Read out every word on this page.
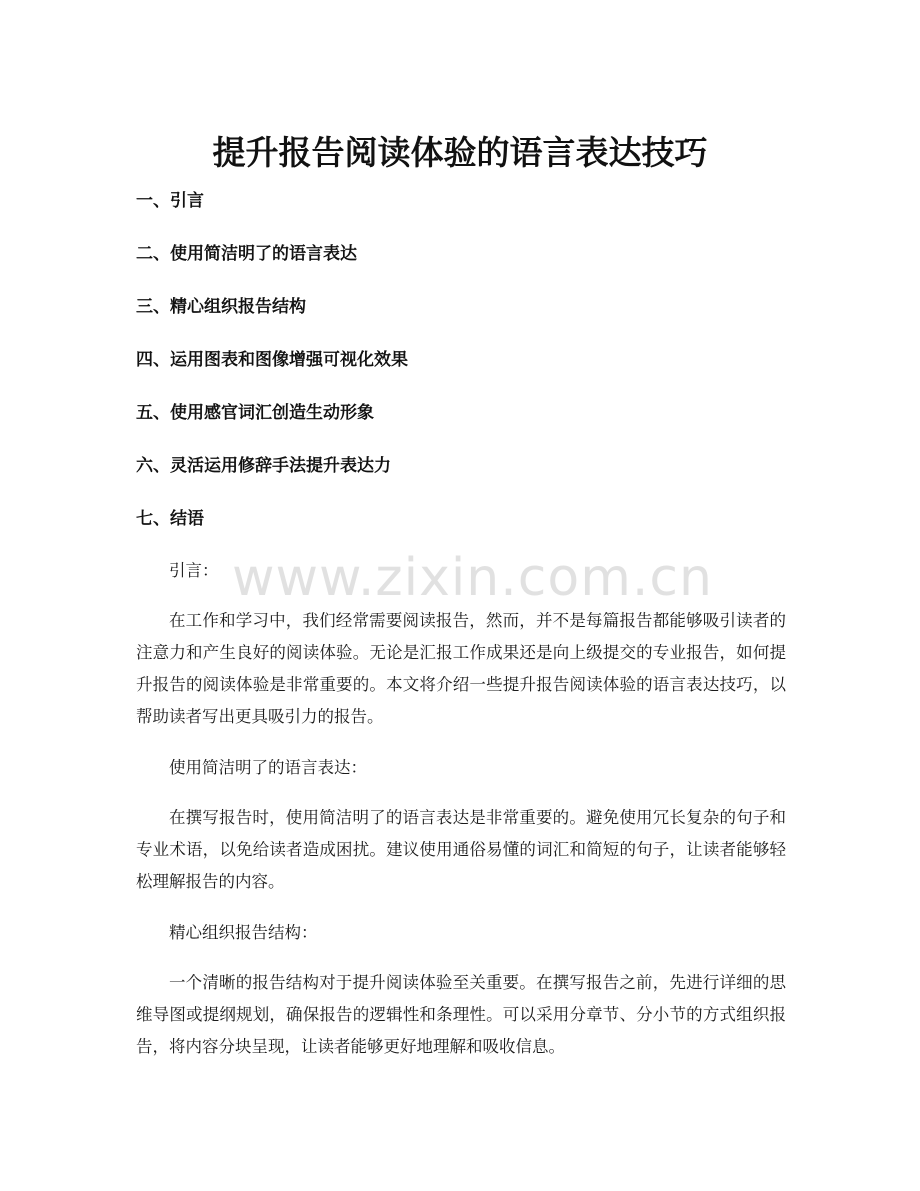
提升报告阅读体验的语言表达技巧
一、引言
二、使用简洁明了的语言表达
三、精心组织报告结构
四、运用图表和图像增强可视化效果
五、使用感官词汇创造生动形象
六、灵活运用修辞手法提升表达力
七、结语

引言：

在工作和学习中，我们经常需要阅读报告，然而，并不是每篇报告都能够吸引读者的注意力和产生良好的阅读体验。无论是汇报工作成果还是向上级提交的专业报告，如何提升报告的阅读体验是非常重要的。本文将介绍一些提升报告阅读体验的语言表达技巧，以帮助读者写出更具吸引力的报告。

使用简洁明了的语言表达：

在撰写报告时，使用简洁明了的语言表达是非常重要的。避免使用冗长复杂的句子和专业术语，以免给读者造成困扰。建议使用通俗易懂的词汇和简短的句子，让读者能够轻松理解报告的内容。

精心组织报告结构：

一个清晰的报告结构对于提升阅读体验至关重要。在撰写报告之前，先进行详细的思维导图或提纲规划，确保报告的逻辑性和条理性。可以采用分章节、分小节的方式组织报告，将内容分块呈现，让读者能够更好地理解和吸收信息。

www.zixin.com.cn
